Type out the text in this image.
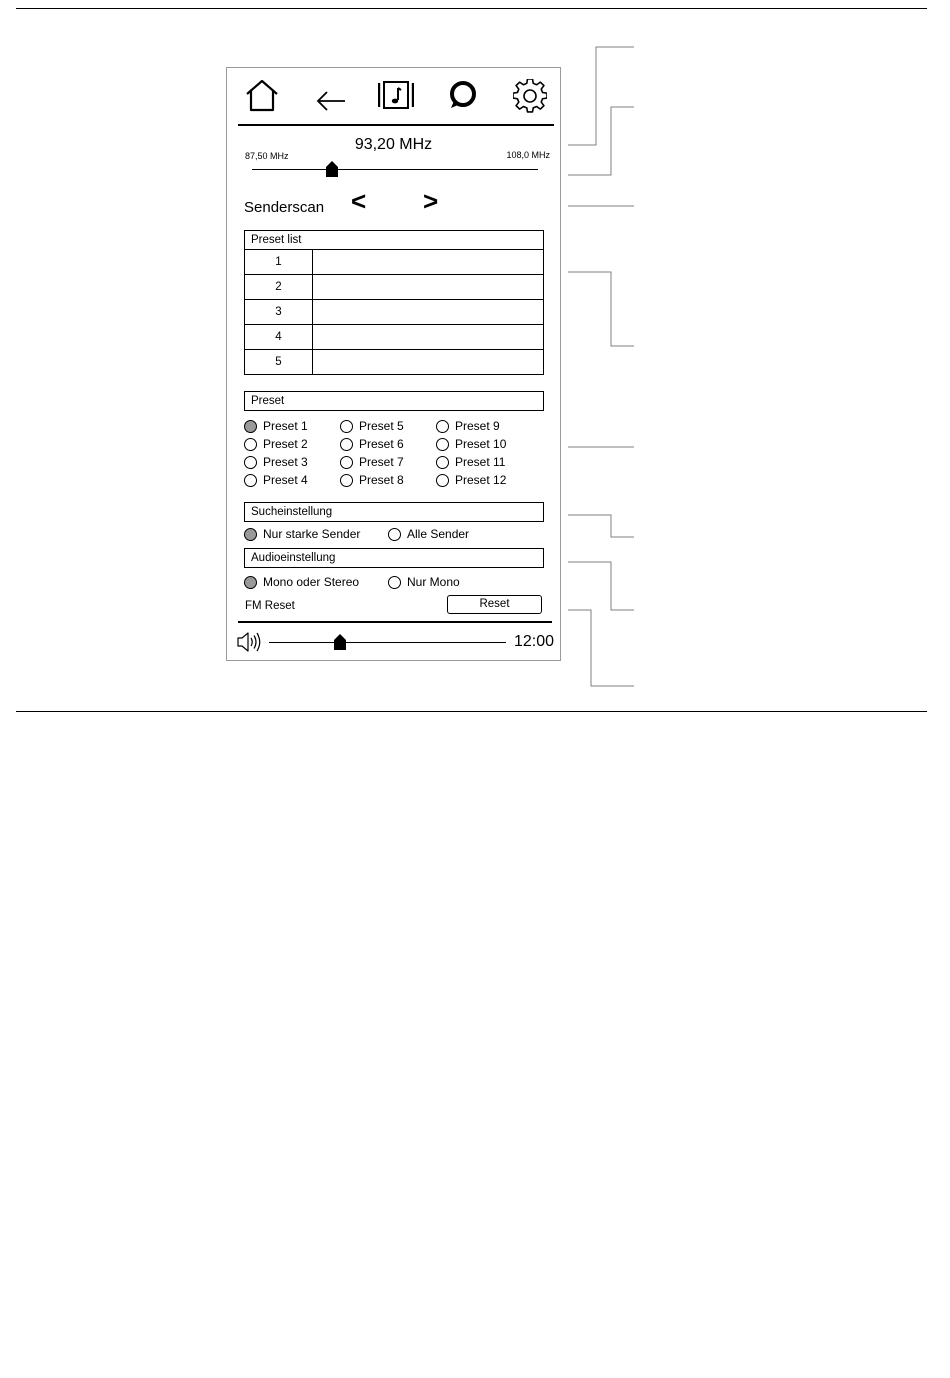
93,20 MHz
87,50 MHz	108,0 MHz
Senderscan < >
Preset list
1
2
3
4
5
Preset
Preset 1
Preset 2
Preset 3
Preset 4
Preset 5
Preset 6
Preset 7
Preset 8
Preset 9
Preset 10
Preset 11
Preset 12
Sucheinstellung
Nur starke Sender	Alle Sender
Audioeinstellung
Mono oder Stereo	Nur Mono
FM Reset	Reset
12:00
